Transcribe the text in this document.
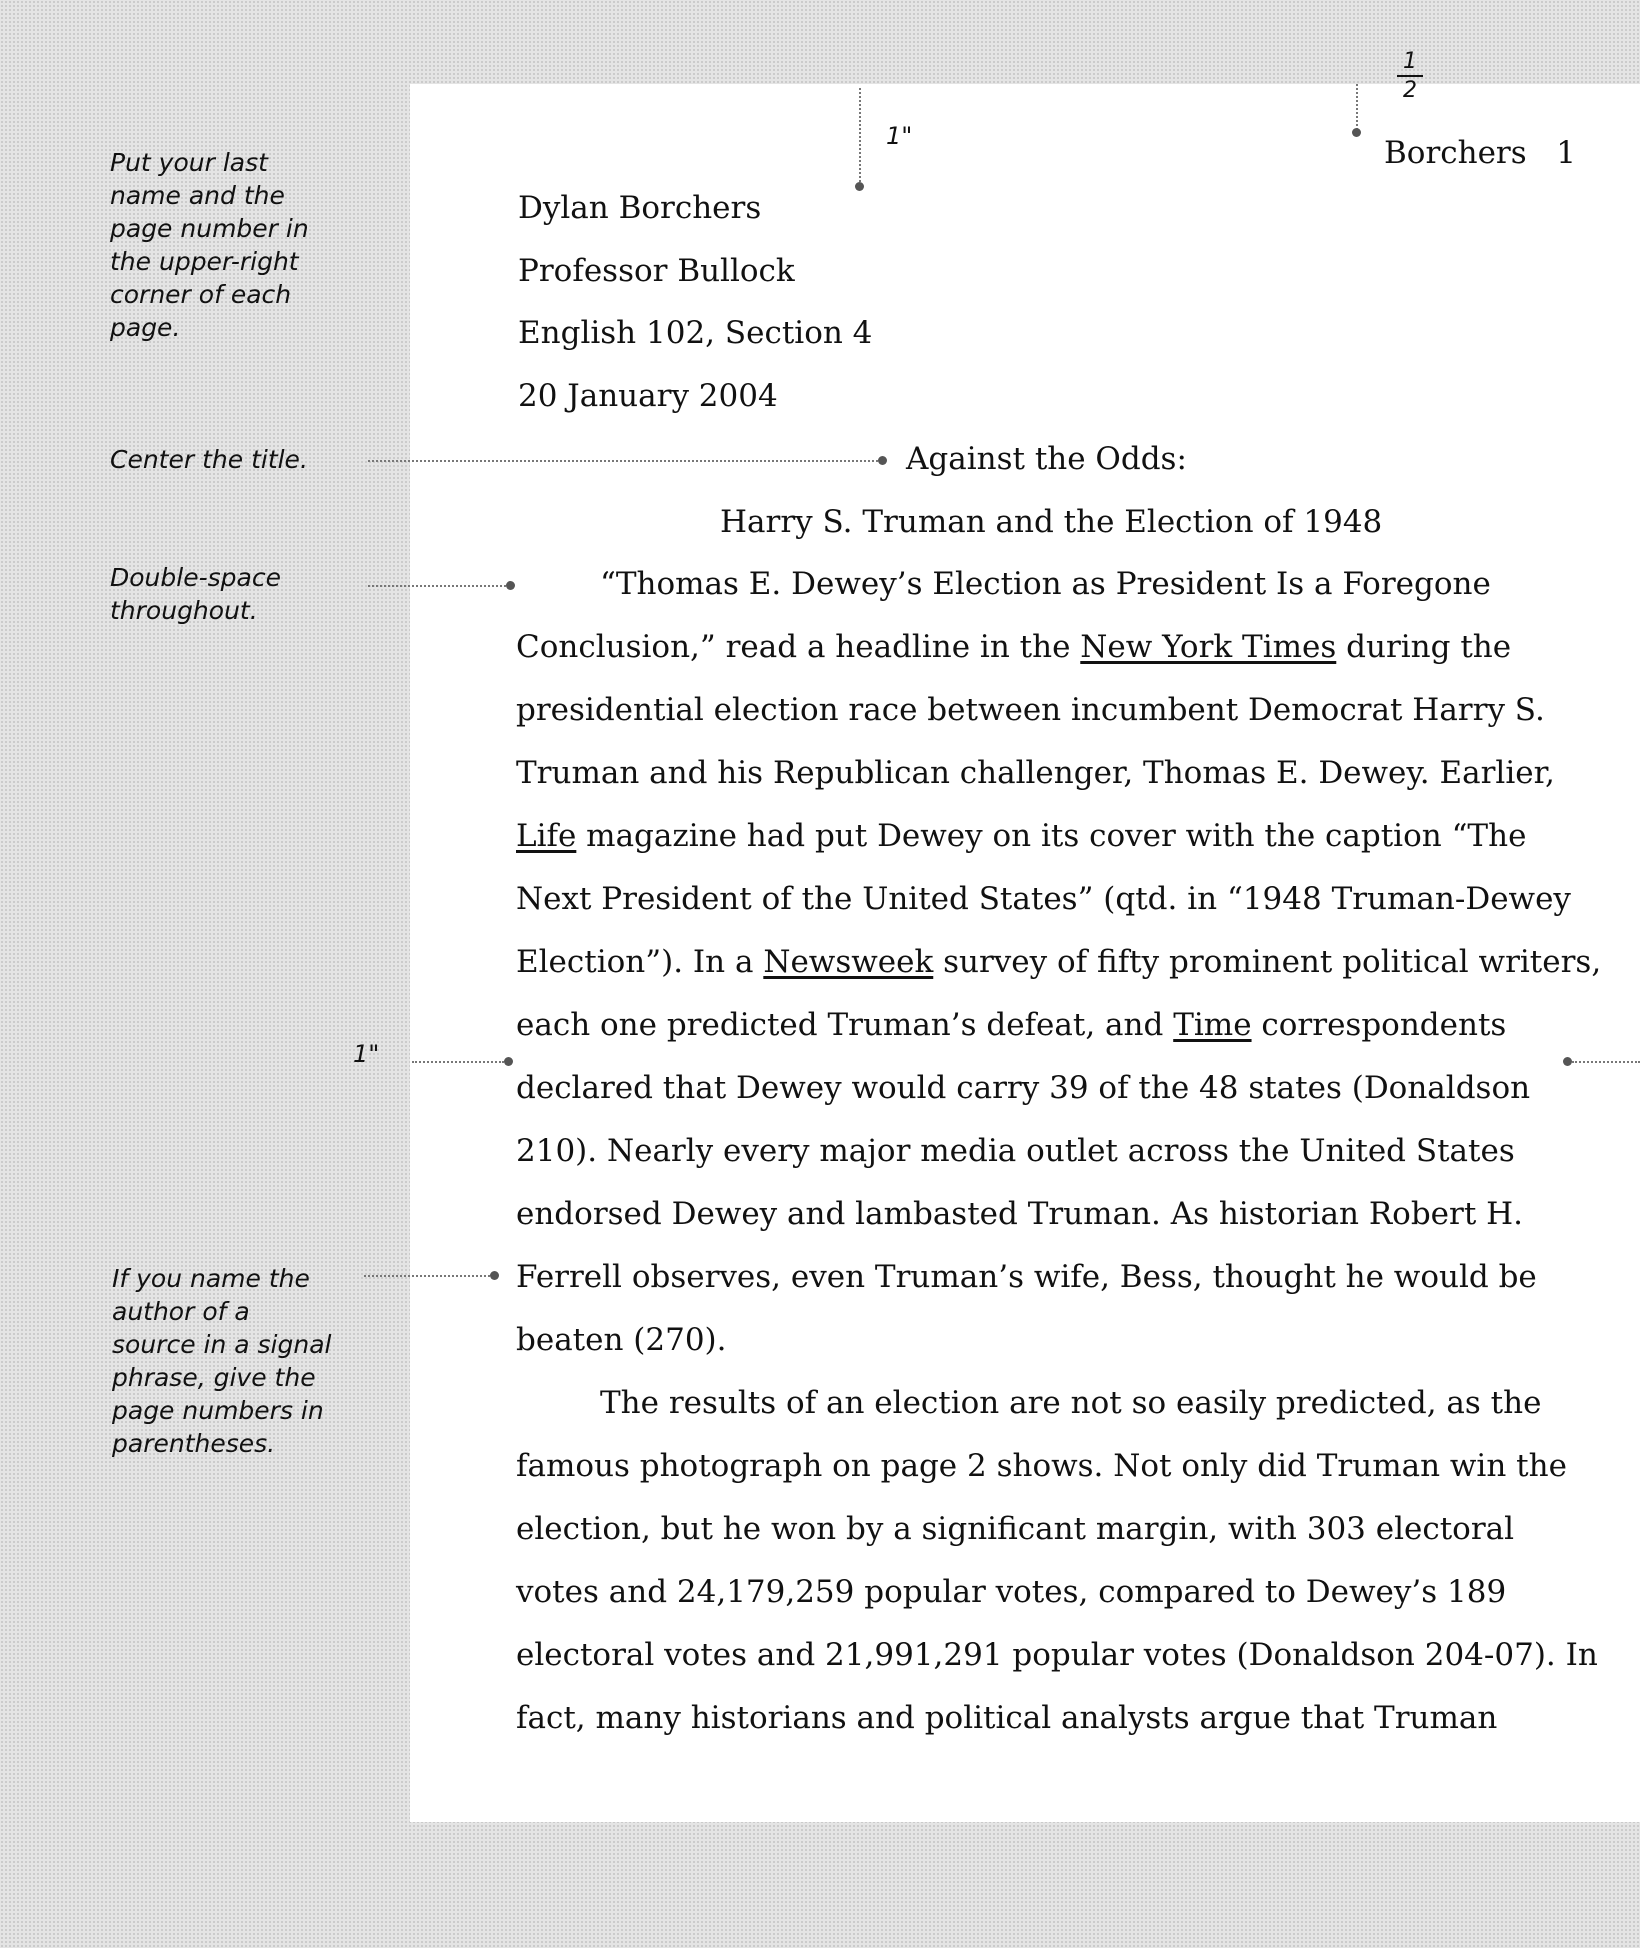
Put your last
name and the
page number in
the upper-right
corner of each
page.
Center the title.
Double-space
throughout.
If you name the
author of a
source in a signal
phrase, give the
page numbers in
parentheses.
1"
1"
$\frac{1}{2}$
Borchers   1
Dylan Borchers
Professor Bullock
English 102, Section 4
20 January 2004
Against the Odds:
Harry S. Truman and the Election of 1948
“Thomas E. Dewey’s Election as President Is a Foregone
Conclusion,” read a headline in the New York Times during the
presidential election race between incumbent Democrat Harry S.
Truman and his Republican challenger, Thomas E. Dewey. Earlier,
Life magazine had put Dewey on its cover with the caption “The
Next President of the United States” (qtd. in “1948 Truman-Dewey
Election”). In a Newsweek survey of fifty prominent political writers,
each one predicted Truman’s defeat, and Time correspondents
declared that Dewey would carry 39 of the 48 states (Donaldson
210). Nearly every major media outlet across the United States
endorsed Dewey and lambasted Truman. As historian Robert H.
Ferrell observes, even Truman’s wife, Bess, thought he would be
beaten (270).
The results of an election are not so easily predicted, as the
famous photograph on page 2 shows. Not only did Truman win the
election, but he won by a significant margin, with 303 electoral
votes and 24,179,259 popular votes, compared to Dewey’s 189
electoral votes and 21,991,291 popular votes (Donaldson 204-07). In
fact, many historians and political analysts argue that Truman
